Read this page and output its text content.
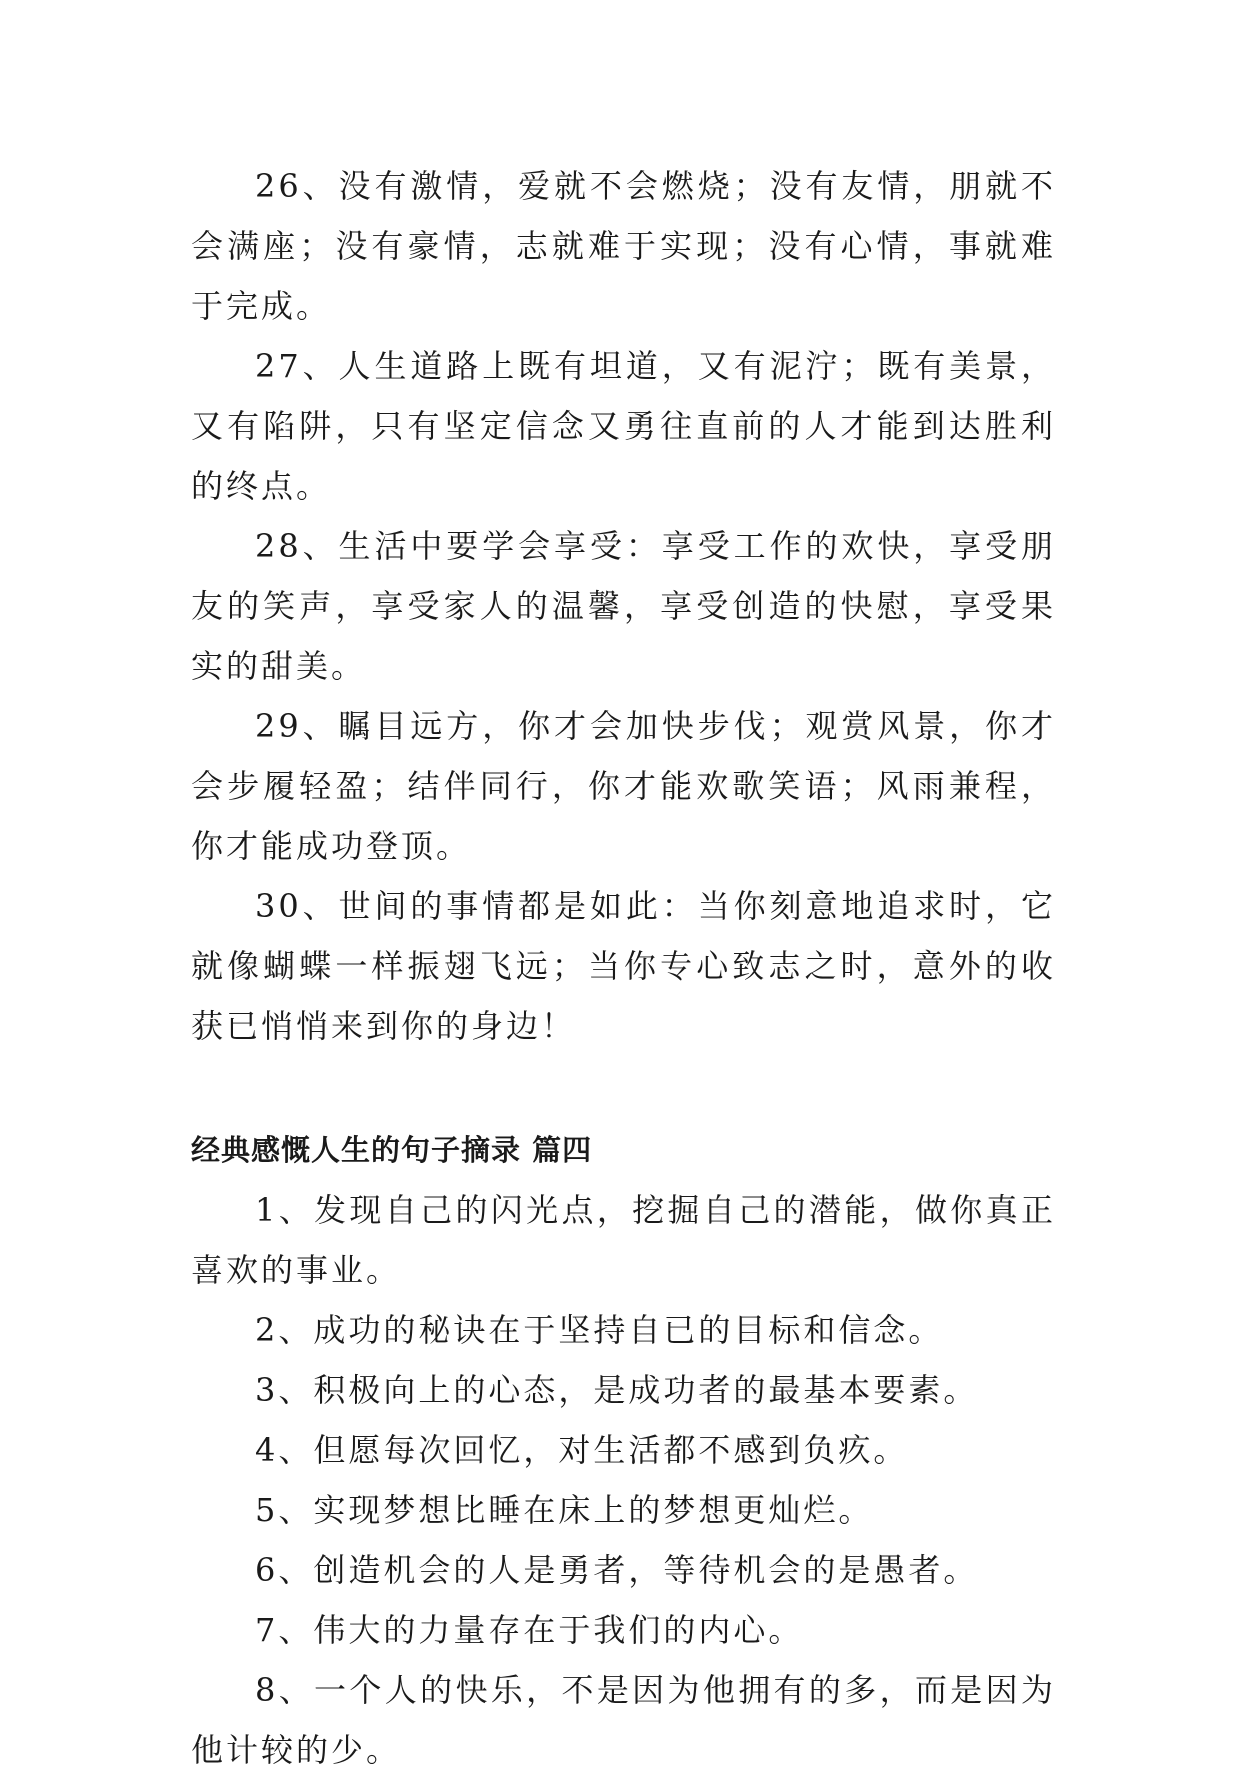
26、没有激情，爱就不会燃烧；没有友情，朋就不会满座；没有豪情，志就难于实现；没有心情，事就难于完成。

27、人生道路上既有坦道，又有泥泞；既有美景，又有陷阱，只有坚定信念又勇往直前的人才能到达胜利的终点。

28、生活中要学会享受：享受工作的欢快，享受朋友的笑声，享受家人的温馨，享受创造的快慰，享受果实的甜美。

29、瞩目远方，你才会加快步伐；观赏风景，你才会步履轻盈；结伴同行，你才能欢歌笑语；风雨兼程，你才能成功登顶。

30、世间的事情都是如此：当你刻意地追求时，它就像蝴蝶一样振翅飞远；当你专心致志之时，意外的收获已悄悄来到你的身边！

经典感慨人生的句子摘录 篇四

1、发现自己的闪光点，挖掘自己的潜能，做你真正喜欢的事业。

2、成功的秘诀在于坚持自已的目标和信念。

3、积极向上的心态，是成功者的最基本要素。

4、但愿每次回忆，对生活都不感到负疚。

5、实现梦想比睡在床上的梦想更灿烂。

6、创造机会的人是勇者，等待机会的是愚者。

7、伟大的力量存在于我们的内心。

8、一个人的快乐，不是因为他拥有的多，而是因为他计较的少。
